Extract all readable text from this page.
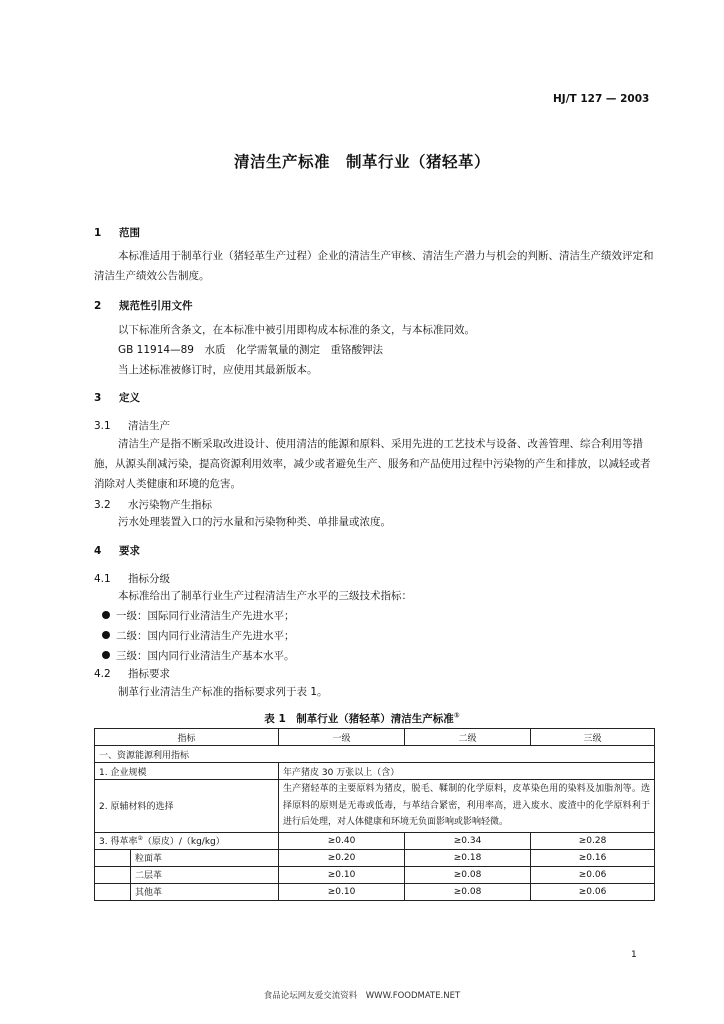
HJ/T 127 — 2003
清洁生产标准　制革行业（猪轻革）
1 范围
本标准适用于制革行业（猪轻革生产过程）企业的清洁生产审核、清洁生产潜力与机会的判断、清洁生产绩效评定和清洁生产绩效公告制度。
2 规范性引用文件
以下标准所含条文，在本标准中被引用即构成本标准的条文，与本标准同效。
GB 11914—89　水质　化学需氧量的测定　重铬酸钾法
当上述标准被修订时，应使用其最新版本。
3 定义
3.1 清洁生产
清洁生产是指不断采取改进设计、使用清洁的能源和原料、采用先进的工艺技术与设备、改善管理、综合利用等措施，从源头削减污染，提高资源利用效率，减少或者避免生产、服务和产品使用过程中污染物的产生和排放，以减轻或者消除对人类健康和环境的危害。
3.2 水污染物产生指标
污水处理装置入口的污水量和污染物种类、单排量或浓度。
4 要求
4.1 指标分级
本标准给出了制革行业生产过程清洁生产水平的三级技术指标：
一级：国际同行业清洁生产先进水平；
二级：国内同行业清洁生产先进水平；
三级：国内同行业清洁生产基本水平。
4.2 指标要求
制革行业清洁生产标准的指标要求列于表 1。
表 1　制革行业（猪轻革）清洁生产标准①
指标		一级	二级	三级
一、资源能源利用指标				
1. 企业规模		年产猪皮 30 万张以上（含）		
2. 原辅材料的选择		生产猪轻革的主要原料为猪皮，脱毛、鞣制的化学原料，皮革染色用的染料及加脂剂等。选择原料的原则是无毒或低毒，与革结合紧密，利用率高，进入废水、废渣中的化学原料利于进行后处理，对人体健康和环境无负面影响或影响轻微。		
3. 得革率②（原皮）/（kg/kg）		≥0.40	≥0.34	≥0.28
	粒面革	≥0.20	≥0.18	≥0.16
	二层革	≥0.10	≥0.08	≥0.06
	其他革	≥0.10	≥0.08	≥0.06
1
食品论坛网友爱交流资料　WWW.FOODMATE.NET
